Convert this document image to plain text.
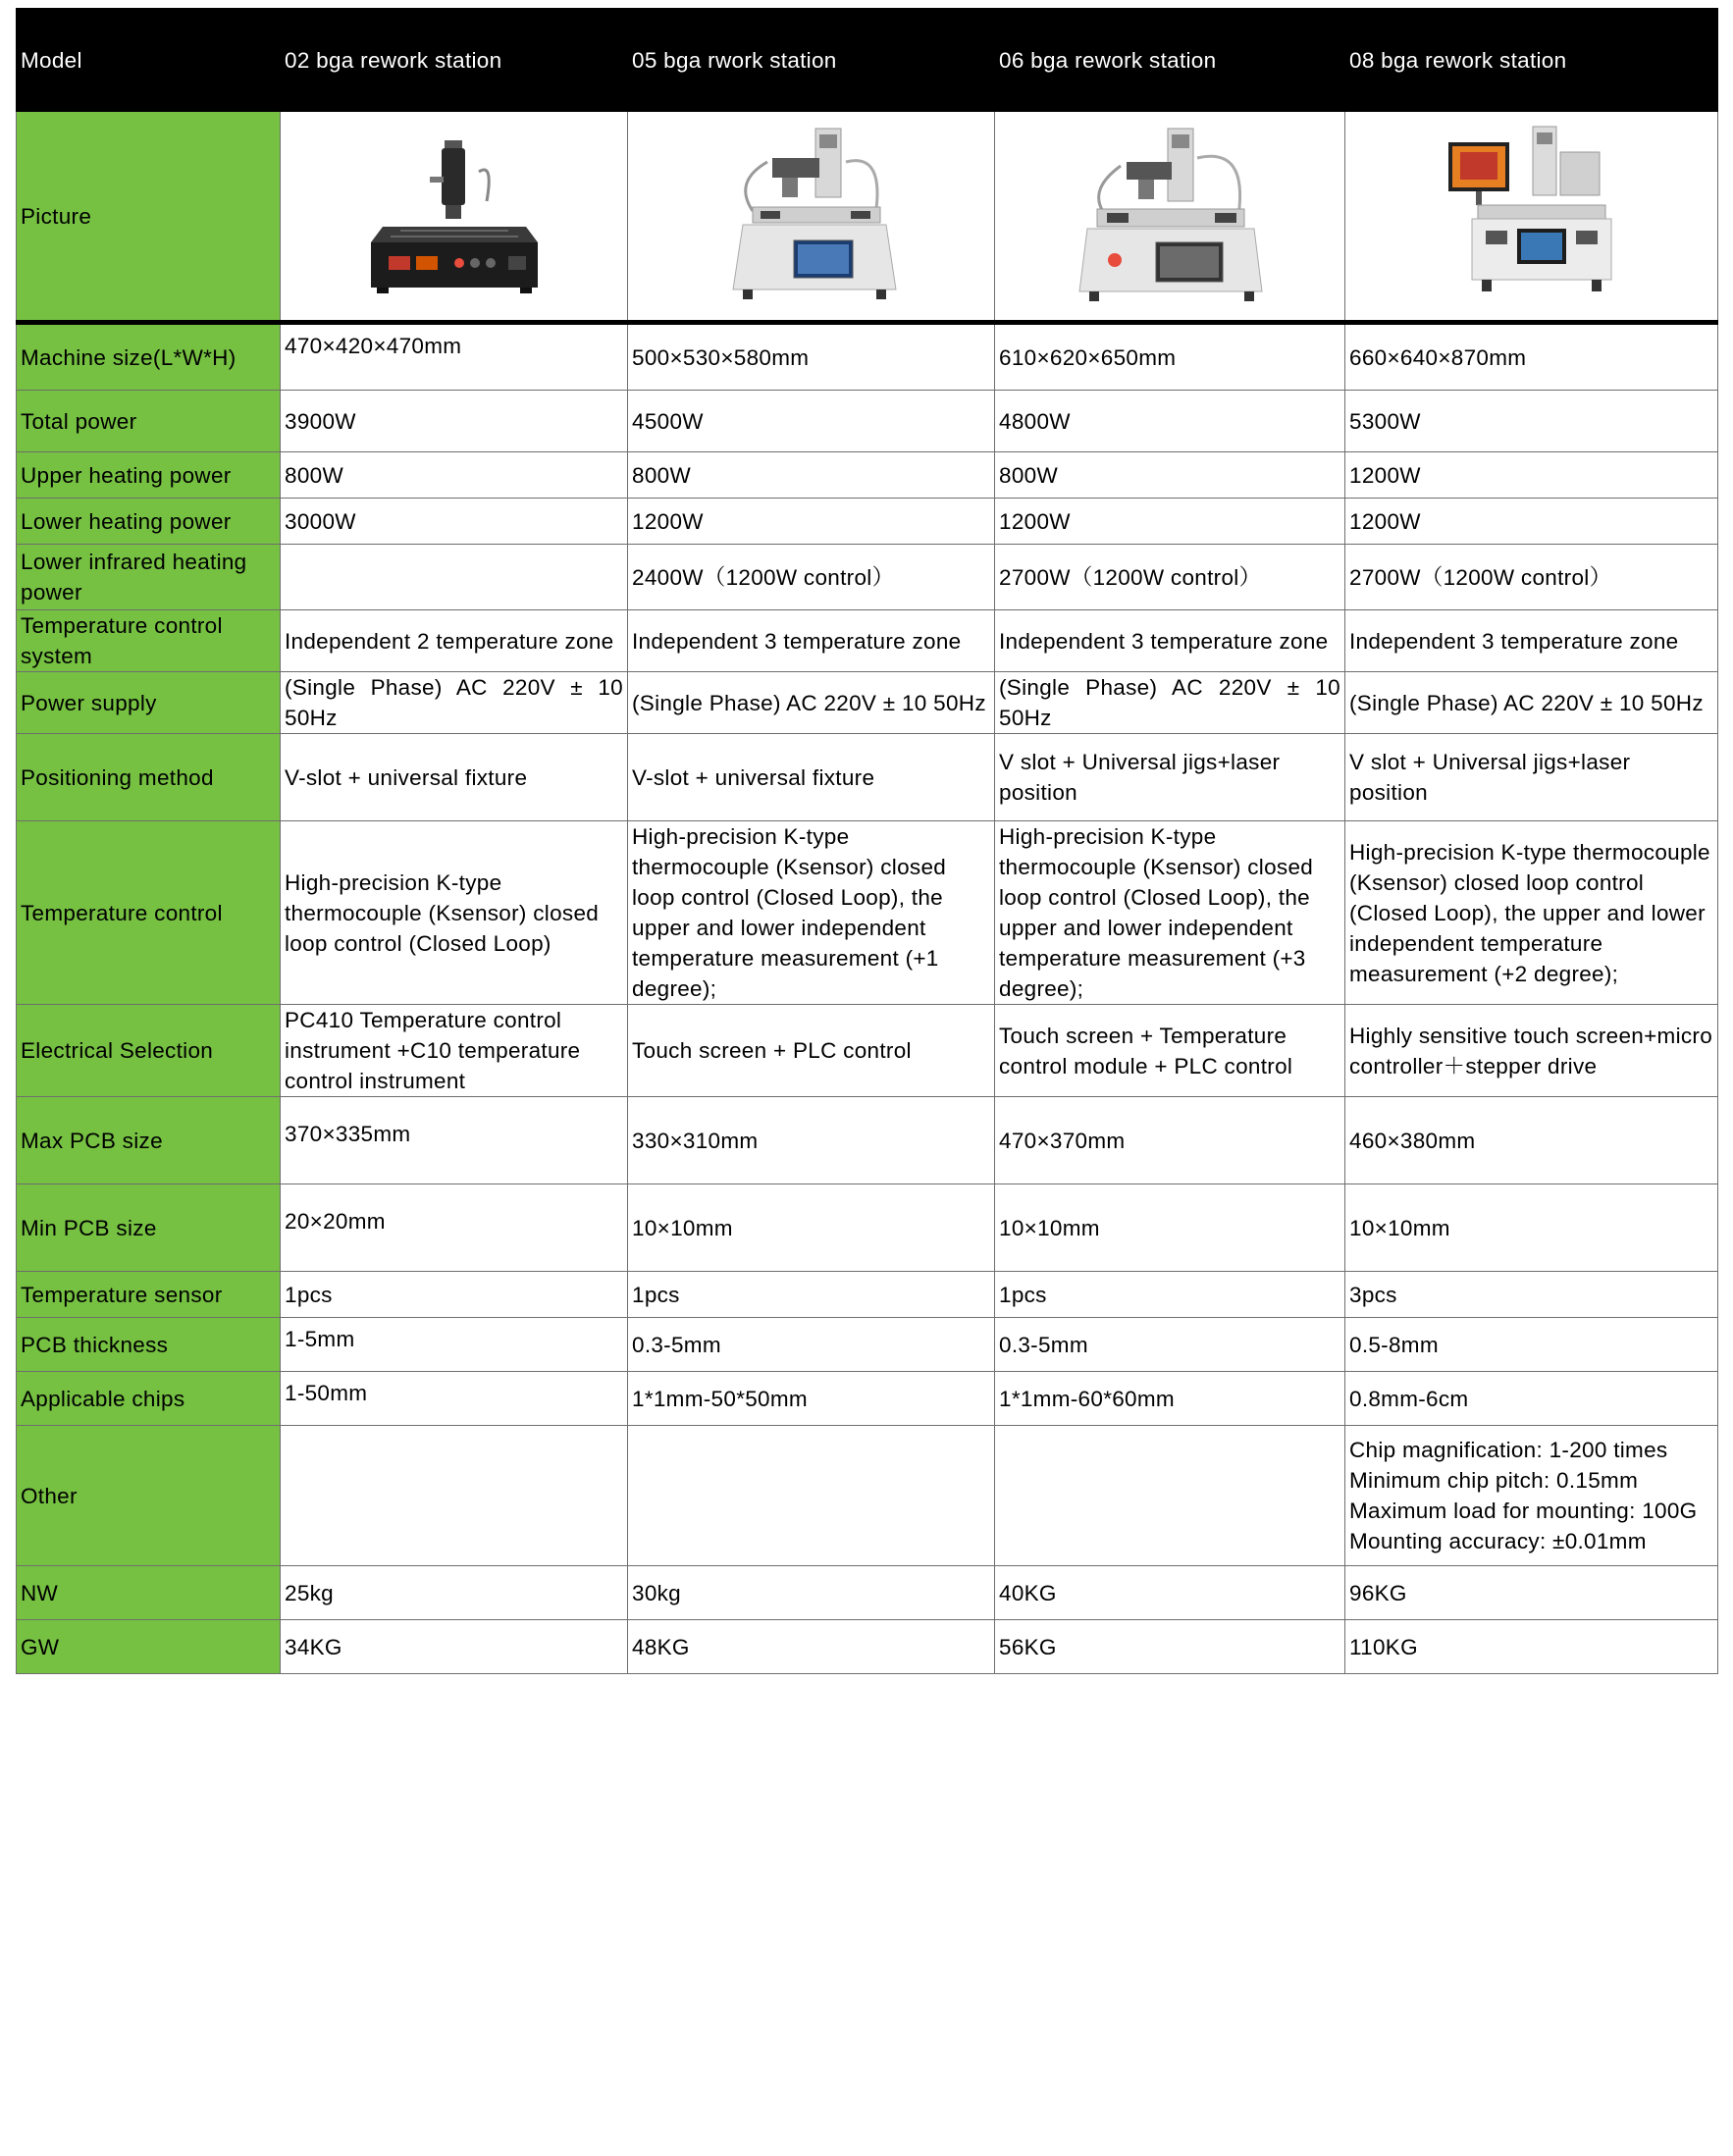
Model	02 bga rework station	05 bga rwork station	06 bga rework station	08 bga rework station
Picture	

Machine size(L*W*H)	470×420×470mm	500×530×580mm	610×620×650mm	660×640×870mm
Total power	3900W	4500W	4800W	5300W
Upper heating power	800W	800W	800W	1200W
Lower heating power	3000W	1200W	1200W	1200W
Lower infrared heating power		2400W（1200W control）	2700W（1200W control）	2700W（1200W control）
Temperature control system	Independent 2 temperature zone	Independent 3 temperature zone	Independent 3 temperature zone	Independent 3 temperature zone
Power supply	(Single Phase) AC 220V ± 10 50Hz	(Single Phase) AC 220V ± 10 50Hz	(Single Phase) AC 220V ± 10 50Hz	(Single Phase) AC 220V ± 10 50Hz
Positioning method	V-slot + universal fixture	V-slot + universal fixture	V slot + Universal jigs+laser position	V slot + Universal jigs+laser position
Temperature control	High-precision K-type thermocouple (Ksensor) closed loop control (Closed Loop)	High-precision K-type thermocouple (Ksensor) closed loop control (Closed Loop), the upper and lower independent temperature measurement (+1 degree);	High-precision K-type thermocouple (Ksensor) closed loop control (Closed Loop), the upper and lower independent temperature measurement (+3 degree);	High-precision K-type thermocouple (Ksensor) closed loop control (Closed Loop), the upper and lower independent temperature measurement (+2 degree);
Electrical Selection	PC410 Temperature control instrument +C10 temperature control instrument	Touch screen + PLC control	Touch screen + Temperature control module + PLC control	Highly sensitive touch screen+micro controller＋stepper drive
Max PCB size	370×335mm	330×310mm	470×370mm	460×380mm
Min PCB size	20×20mm	10×10mm	10×10mm	10×10mm
Temperature sensor	1pcs	1pcs	1pcs	3pcs
PCB thickness	1-5mm	0.3-5mm	0.3-5mm	0.5-8mm
Applicable chips	1-50mm	1*1mm-50*50mm	1*1mm-60*60mm	0.8mm-6cm
Other				Chip magnification: 1-200 times
Minimum chip pitch: 0.15mm
Maximum load for mounting: 100G
Mounting accuracy: ±0.01mm

NW	25kg	30kg	40KG	96KG
GW	34KG	48KG	56KG	110KG
